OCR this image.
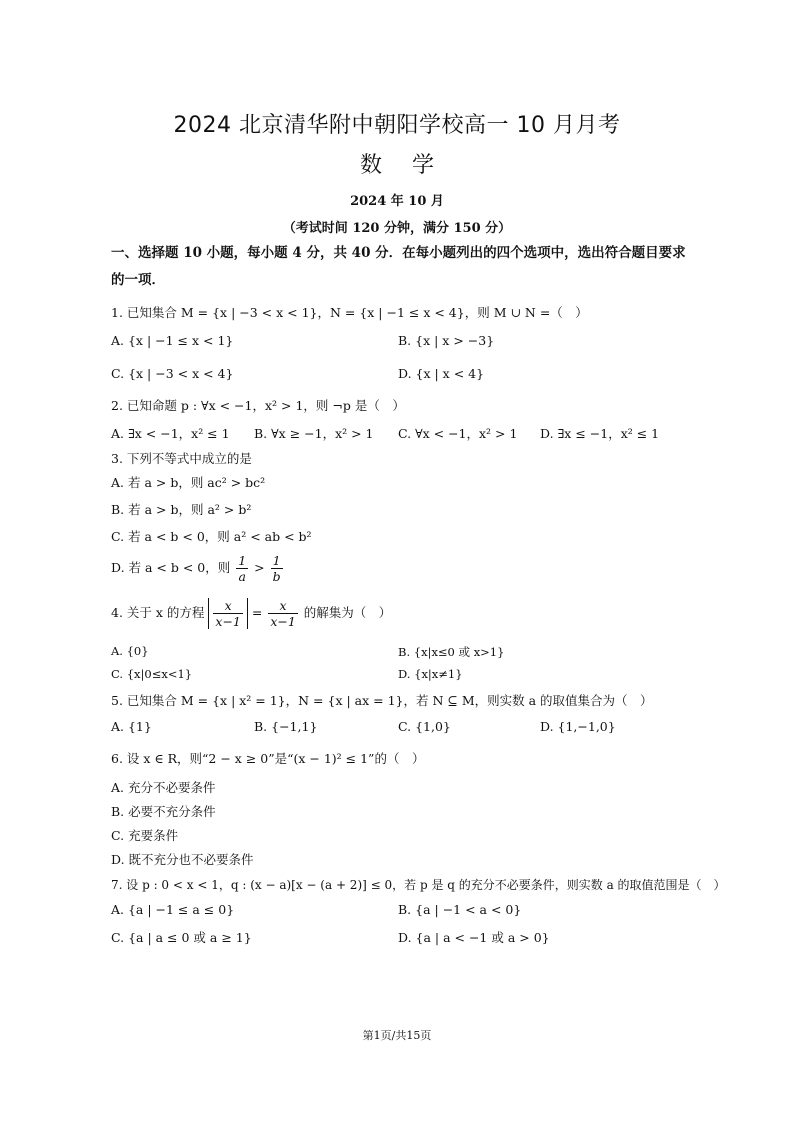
2024 北京清华附中朝阳学校高一 10 月月考
数学
2024 年 10 月
（考试时间 120 分钟，满分 150 分）
一、选择题 10 小题，每小题 4 分，共 40 分．在每小题列出的四个选项中，选出符合题目要求的一项．
1. 已知集合 M = {x | −3 < x < 1}，N = {x | −1 ≤ x < 4}，则 M ∪ N =（　）
A. {x | −1 ≤ x < 1}	B. {x | x > −3}
C. {x | −3 < x < 4}	D. {x | x < 4}
2. 已知命题 p : ∀x < −1，x² > 1，则 ¬p 是（　）
A. ∃x < −1，x² ≤ 1 B. ∀x ≥ −1，x² > 1 C. ∀x < −1，x² > 1 D. ∃x ≤ −1，x² ≤ 1
3. 下列不等式中成立的是
A. 若 a > b，则 ac² > bc²
B. 若 a > b，则 a² > b²
C. 若 a < b < 0，则 a² < ab < b²
D. 若 a < b < 0，则 $\frac{1}{a} > \frac{1}{b}$
4. 关于 x 的方程 $\frac{x}{x-1} = \frac{x}{x-1}$ 的解集为（　）
A. {0}	B. {x|x≤0 或 x>1}
C. {x|0≤x<1}	D. {x|x≠1}
5. 已知集合 M = {x | x² = 1}，N = {x | ax = 1}，若 N ⊆ M，则实数 a 的取值集合为（　）
A. {1}	B. {−1,1}	C. {1,0}	D. {1,−1,0}
6. 设 x ∈ R，则“2 − x ≥ 0”是“(x − 1)² ≤ 1”的（　）
A. 充分不必要条件
B. 必要不充分条件
C. 充要条件
D. 既不充分也不必要条件
7. 设 p : 0 < x < 1，q : (x − a)[x − (a + 2)] ≤ 0，若 p 是 q 的充分不必要条件，则实数 a 的取值范围是（　）
A. {a | −1 ≤ a ≤ 0}	B. {a | −1 < a < 0}
C. {a | a ≤ 0 或 a ≥ 1}	D. {a | a < −1 或 a > 0}
第1页/共15页
